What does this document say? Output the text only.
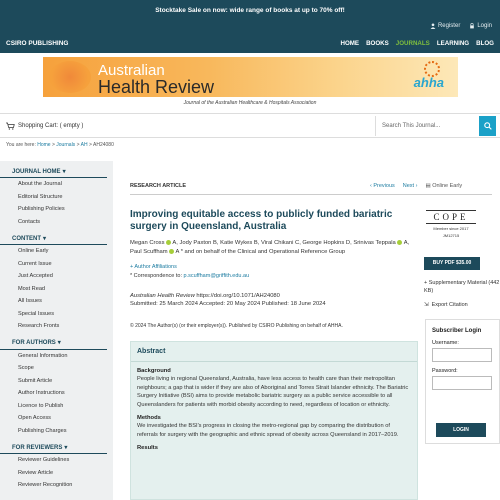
Stocktake Sale on now: wide range of books at up to 70% off!
Register	Login
CSIRO PUBLISHING	HOME BOOKS JOURNALS LEARNING BLOG
Australian
Health Review	ahha
Journal of the Australian Healthcare & Hospitals Association
Shopping Cart: ( empty )	Search This Journal...
You are here: Home > Journals > AH > AH24080
JOURNAL HOME ▾
About the Journal
Editorial Structure
Publishing Policies
Contacts
CONTENT ▾
Online Early
Current Issue
Just Accepted
Most Read
All Issues
Special Issues
Research Fronts
FOR AUTHORS ▾
General Information
Scope
Submit Article
Author Instructions
Licence to Publish
Open Access
Publishing Charges
FOR REVIEWERS ▾
Reviewer Guidelines
Review Article
Reviewer Recognition
RESEARCH ARTICLE	‹ Previous Next › ▤ Online Early
Improving equitable access to publicly funded bariatric surgery in Queensland, Australia
Megan Cross  A, Jody Paxton B, Katie Wykes B, Viral Chikani C, George Hopkins D, Srinivas Teppala A, Paul Scuffham A * and on behalf of the Clinical and Operational Reference Group
+ Author Affiliations
* Correspondence to: p.scuffham@griffith.edu.au
Australian Health Review https://doi.org/10.1071/AH24080
Submitted: 25 March 2024 Accepted: 20 May 2024 Published: 18 June 2024
© 2024 The Author(s) (or their employer(s)). Published by CSIRO Publishing on behalf of AHHA.
Abstract
Background
People living in regional Queensland, Australia, have less access to health care than their metropolitan neighbours; a gap that is wider if they are also of Aboriginal and Torres Strait Islander ethnicity. The Bariatric Surgery Initiative (BSI) aims to provide metabolic bariatric surgery as a public service accessible to all Queenslanders for patients with morbid obesity according to need, regardless of location or ethnicity.
Methods
We investigated the BSI's progress in closing the metro-regional gap by comparing the distribution of referrals for surgery with the geographic and ethnic spread of obesity across Queensland in 2017–2019.
Results
COPE
Member since 2017
JM12715
BUY PDF $35.00
+ Supplementary Material (442 KB)
⇲ Export Citation
Subscriber Login
Username:
Password:
LOGIN
